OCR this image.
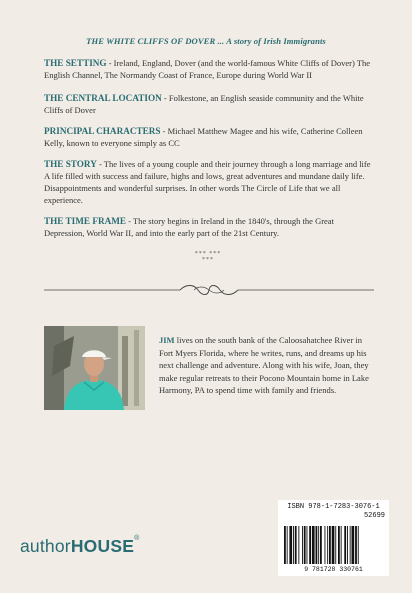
THE WHITE CLIFFS OF DOVER ... A story of Irish Immigrants
THE SETTING - Ireland, England, Dover (and the world-famous White Cliffs of Dover) The English Channel, The Normandy Coast of France, Europe during World War II
THE CENTRAL LOCATION - Folkestone, an English seaside community and the White Cliffs of Dover
PRINCIPAL CHARACTERS - Michael Matthew Magee and his wife, Catherine Colleen Kelly, known to everyone simply as CC
THE STORY - The lives of a young couple and their journey through a long marriage and life A life filled with success and failure, highs and lows, great adventures and mundane daily life. Disappointments and wonderful surprises. In other words The Circle of Life that we all experience.
THE TIME FRAME - The story begins in Ireland in the 1840's, through the Great Depression, World War II, and into the early part of the 21st Century.
*** *** ***
JIM lives on the south bank of the Caloosahatchee River in Fort Myers Florida, where he writes, runs, and dreams up his next challenge and adventure. Along with his wife, Joan, they make regular retreats to their Pocono Mountain home in Lake Harmony, PA to spend time with family and friends.
ISBN 978-1-7283-3076-1
52699
9 781728 330761
authorHOUSE®
